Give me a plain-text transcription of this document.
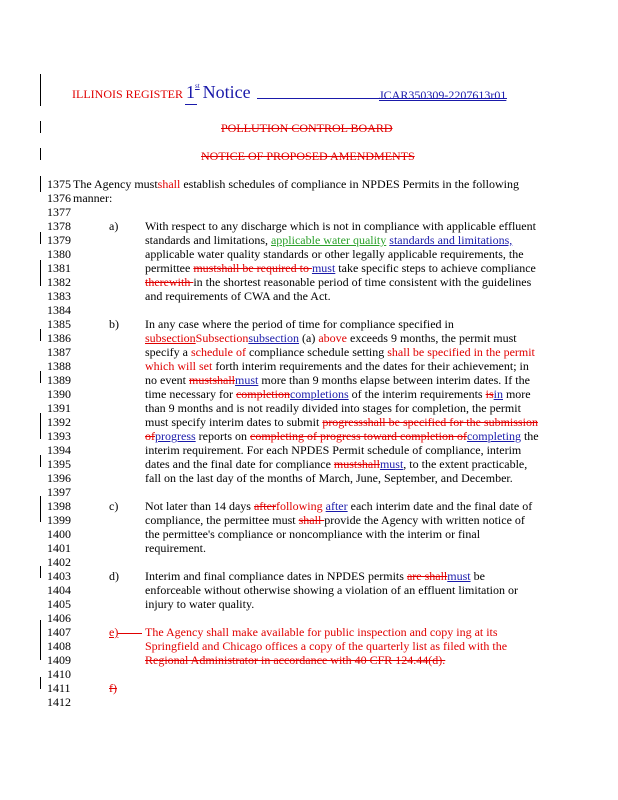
ILLINOIS REGISTER 1st Notice	JCAR350309-2207613r01
POLLUTION CONTROL BOARD
NOTICE OF PROPOSED AMENDMENTS
1375
1376
1377
1378
1379
1380
1381
1382
1383
1384
1385
1386
1387
1388
1389
1390
1391
1392
1393
1394
1395
1396
1397
1398
1399
1400
1401
1402
1403
1404
1405
1406
1407
1408
1409
1410
1411
1412
The Agency mustshall establish schedules of compliance in NPDES Permits in the following
manner:
a) With respect to any discharge which is not in compliance with applicable effluent
standards and limitations, applicable water quality standards and limitations,
applicable water quality standards or other legally applicable requirements, the
permittee mustshall be required to must take specific steps to achieve compliance
therewith in the shortest reasonable period of time consistent with the guidelines
and requirements of CWA and the Act.
b) In any case where the period of time for compliance specified in
subsectionSubsectionsubsection (a) above exceeds 9 months, the permit must
specify a schedule of compliance schedule setting shall be specified in the permit
which will set forth interim requirements and the dates for their achievement; in
no event mustshallmust more than 9 months elapse between interim dates. If the
time necessary for completioncompletions of the interim requirements isin more
than 9 months and is not readily divided into stages for completion, the permit
must specify interim dates to submit progressshall be specified for the submission
ofprogress reports on completing of progress toward completion ofcompleting the
interim requirement. For each NPDES Permit schedule of compliance, interim
dates and the final date for compliance mustshallmust, to the extent practicable,
fall on the last day of the months of March, June, September, and December.
c) Not later than 14 days afterfollowing after each interim date and the final date of
compliance, the permittee must shall provide the Agency with written notice of
the permittee's compliance or noncompliance with the interim or final
requirement.
d) Interim and final compliance dates in NPDES permits are shallmust be
enforceable without otherwise showing a violation of an effluent limitation or
injury to water quality.
e)	The Agency shall make available for public inspection and copy ing at its
Springfield and Chicago offices a copy of the quarterly list as filed with the
Regional Administrator in accordance with 40 CFR 124.44(d).
f)
